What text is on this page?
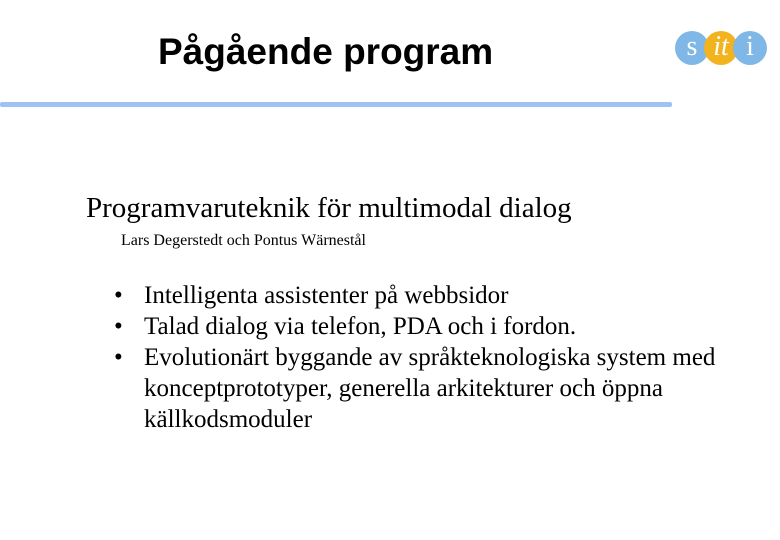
Pågående program	s it i
Programvaruteknik för multimodal dialog
Lars Degerstedt och Pontus Wärnestål
• Intelligenta assistenter på webbsidor
• Talad dialog via telefon, PDA och i fordon.
• Evolutionärt byggande av språkteknologiska system med konceptprototyper, generella arkitekturer och öppna källkodsmoduler
